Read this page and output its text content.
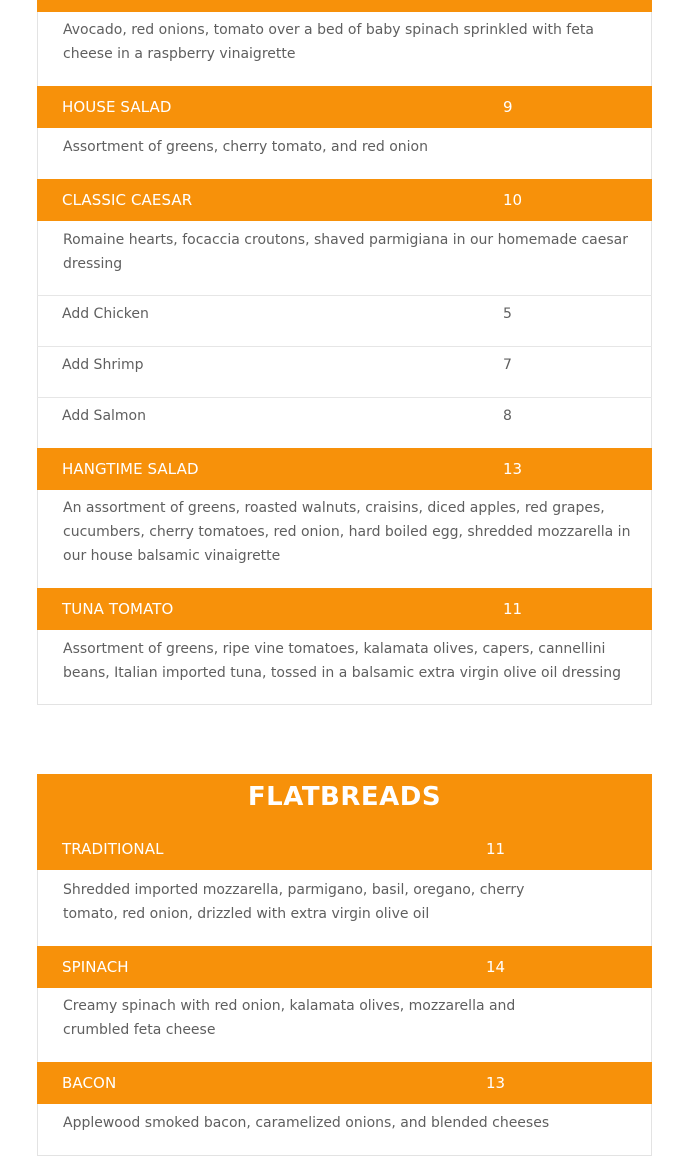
Avocado, red onions, tomato over a bed of baby spinach sprinkled with feta cheese in a raspberry vinaigrette
HOUSE SALAD	9
Assortment of greens, cherry tomato, and red onion
CLASSIC CAESAR	10
Romaine hearts, focaccia croutons, shaved parmigiana in our homemade caesar dressing
Add Chicken	5
Add Shrimp	7
Add Salmon	8
HANGTIME SALAD	13
An assortment of greens, roasted walnuts, craisins, diced apples, red grapes, cucumbers, cherry tomatoes, red onion, hard boiled egg, shredded mozzarella in our house balsamic vinaigrette
TUNA TOMATO	11
Assortment of greens, ripe vine tomatoes, kalamata olives, capers, cannellini beans, Italian imported tuna, tossed in a balsamic extra virgin olive oil dressing
FLATBREADS
TRADITIONAL	11
Shredded imported mozzarella, parmigano, basil, oregano, cherry tomato, red onion, drizzled with extra virgin olive oil
SPINACH	14
Creamy spinach with red onion, kalamata olives, mozzarella and crumbled feta cheese
BACON	13
Applewood smoked bacon, caramelized onions, and blended cheeses
